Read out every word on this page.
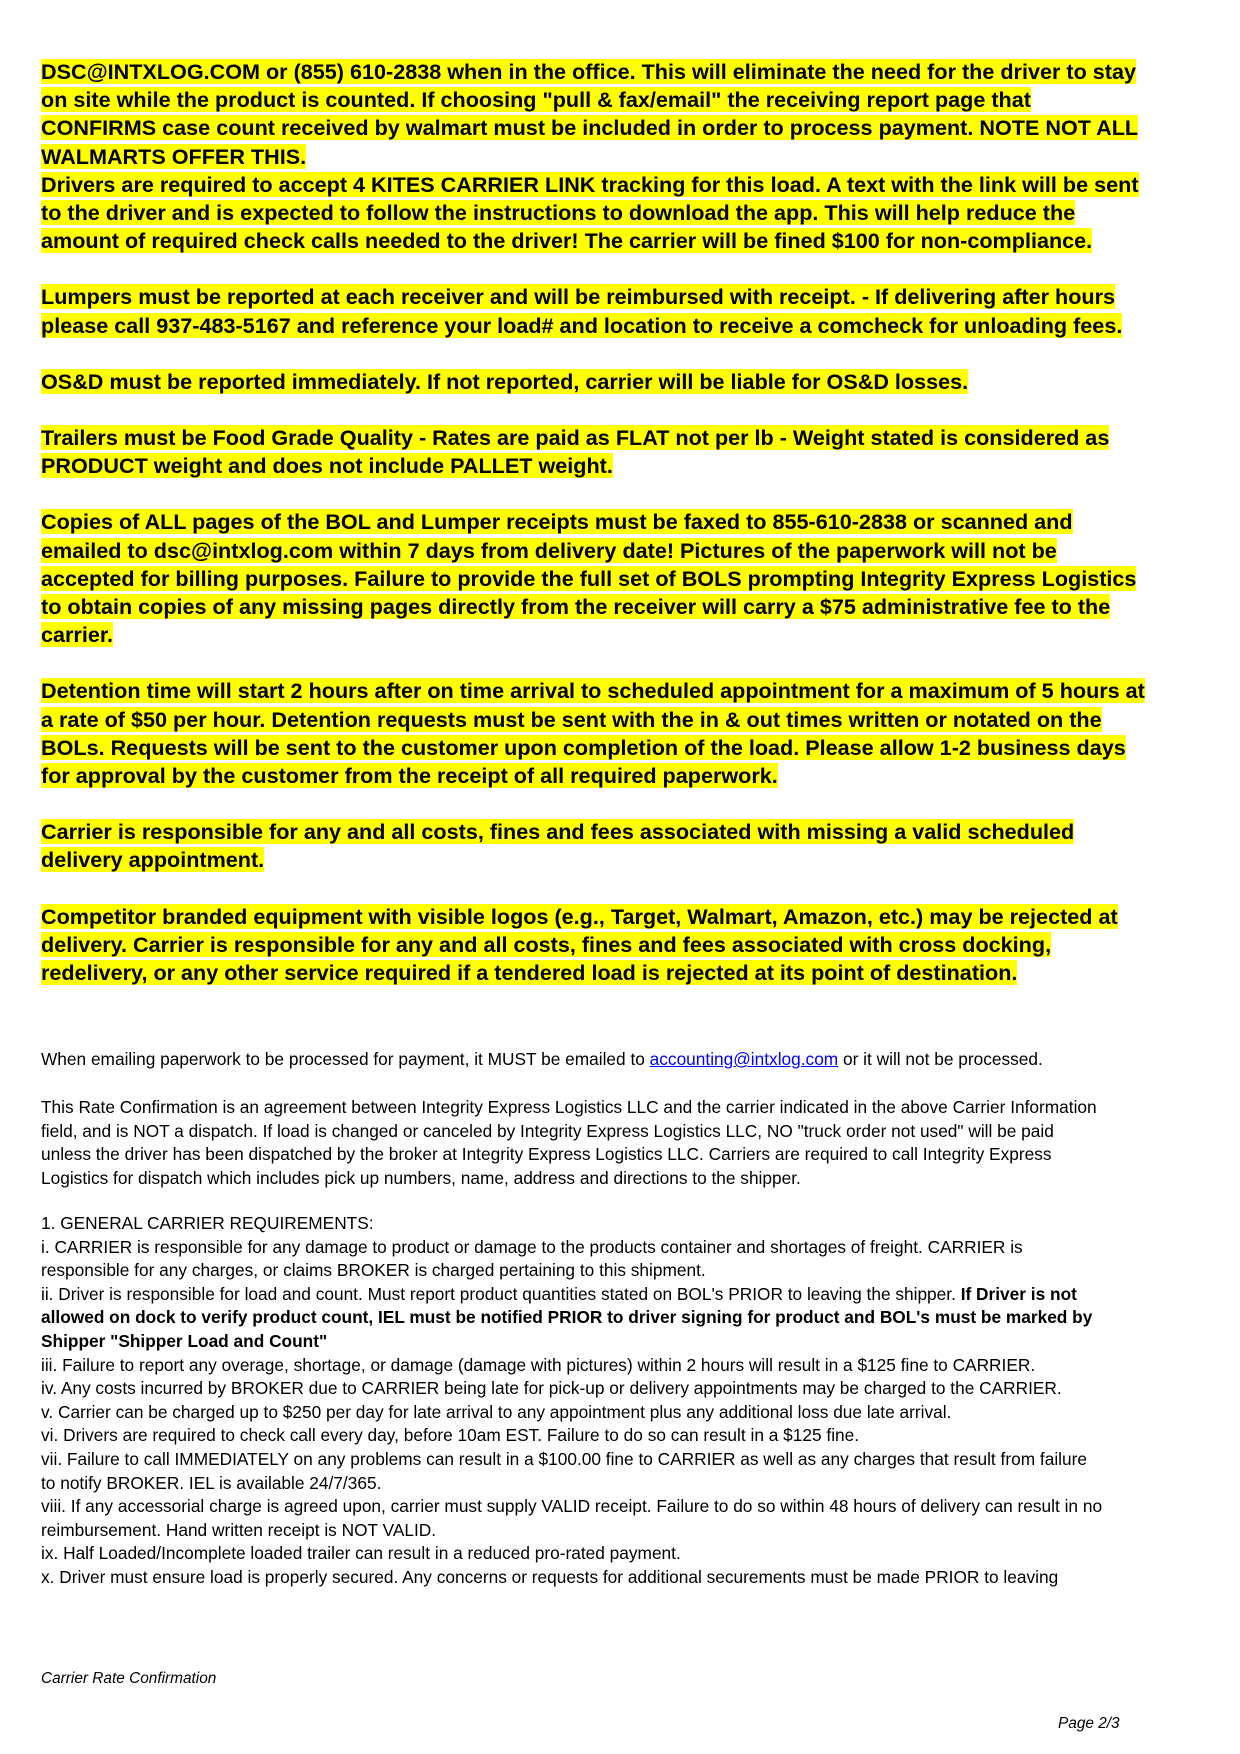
DSC@INTXLOG.COM or (855) 610-2838 when in the office. This will eliminate the need for the driver to stay
on site while the product is counted. If choosing "pull & fax/email" the receiving report page that
CONFIRMS case count received by walmart must be included in order to process payment. NOTE NOT ALL
WALMARTS OFFER THIS.
Drivers are required to accept 4 KITES CARRIER LINK tracking for this load. A text with the link will be sent
to the driver and is expected to follow the instructions to download the app. This will help reduce the
amount of required check calls needed to the driver! The carrier will be fined $100 for non-compliance.
Lumpers must be reported at each receiver and will be reimbursed with receipt. - If delivering after hours
please call 937-483-5167 and reference your load# and location to receive a comcheck for unloading fees.
OS&D must be reported immediately. If not reported, carrier will be liable for OS&D losses.
Trailers must be Food Grade Quality - Rates are paid as FLAT not per lb - Weight stated is considered as
PRODUCT weight and does not include PALLET weight.
Copies of ALL pages of the BOL and Lumper receipts must be faxed to 855-610-2838 or scanned and
emailed to dsc@intxlog.com within 7 days from delivery date! Pictures of the paperwork will not be
accepted for billing purposes. Failure to provide the full set of BOLS prompting Integrity Express Logistics
to obtain copies of any missing pages directly from the receiver will carry a $75 administrative fee to the
carrier.
Detention time will start 2 hours after on time arrival to scheduled appointment for a maximum of 5 hours at
a rate of $50 per hour. Detention requests must be sent with the in & out times written or notated on the
BOLs. Requests will be sent to the customer upon completion of the load. Please allow 1-2 business days
for approval by the customer from the receipt of all required paperwork.
Carrier is responsible for any and all costs, fines and fees associated with missing a valid scheduled
delivery appointment.
Competitor branded equipment with visible logos (e.g., Target, Walmart, Amazon, etc.) may be rejected at
delivery. Carrier is responsible for any and all costs, fines and fees associated with cross docking,
redelivery, or any other service required if a tendered load is rejected at its point of destination.
When emailing paperwork to be processed for payment, it MUST be emailed to accounting@intxlog.com or it will not be processed.
This Rate Confirmation is an agreement between Integrity Express Logistics LLC and the carrier indicated in the above Carrier Information
field, and is NOT a dispatch. If load is changed or canceled by Integrity Express Logistics LLC, NO "truck order not used" will be paid
unless the driver has been dispatched by the broker at Integrity Express Logistics LLC. Carriers are required to call Integrity Express
Logistics for dispatch which includes pick up numbers, name, address and directions to the shipper.
1. GENERAL CARRIER REQUIREMENTS:
i. CARRIER is responsible for any damage to product or damage to the products container and shortages of freight. CARRIER is
responsible for any charges, or claims BROKER is charged pertaining to this shipment.
ii. Driver is responsible for load and count. Must report product quantities stated on BOL's PRIOR to leaving the shipper. If Driver is not
allowed on dock to verify product count, IEL must be notified PRIOR to driver signing for product and BOL's must be marked by
Shipper "Shipper Load and Count"
iii. Failure to report any overage, shortage, or damage (damage with pictures) within 2 hours will result in a $125 fine to CARRIER.
iv. Any costs incurred by BROKER due to CARRIER being late for pick-up or delivery appointments may be charged to the CARRIER.
v. Carrier can be charged up to $250 per day for late arrival to any appointment plus any additional loss due late arrival.
vi. Drivers are required to check call every day, before 10am EST. Failure to do so can result in a $125 fine.
vii. Failure to call IMMEDIATELY on any problems can result in a $100.00 fine to CARRIER as well as any charges that result from failure
to notify BROKER. IEL is available 24/7/365.
viii. If any accessorial charge is agreed upon, carrier must supply VALID receipt. Failure to do so within 48 hours of delivery can result in no
reimbursement. Hand written receipt is NOT VALID.
ix. Half Loaded/Incomplete loaded trailer can result in a reduced pro-rated payment.
x. Driver must ensure load is properly secured. Any concerns or requests for additional securements must be made PRIOR to leaving
Carrier Rate Confirmation
Page 2/3
